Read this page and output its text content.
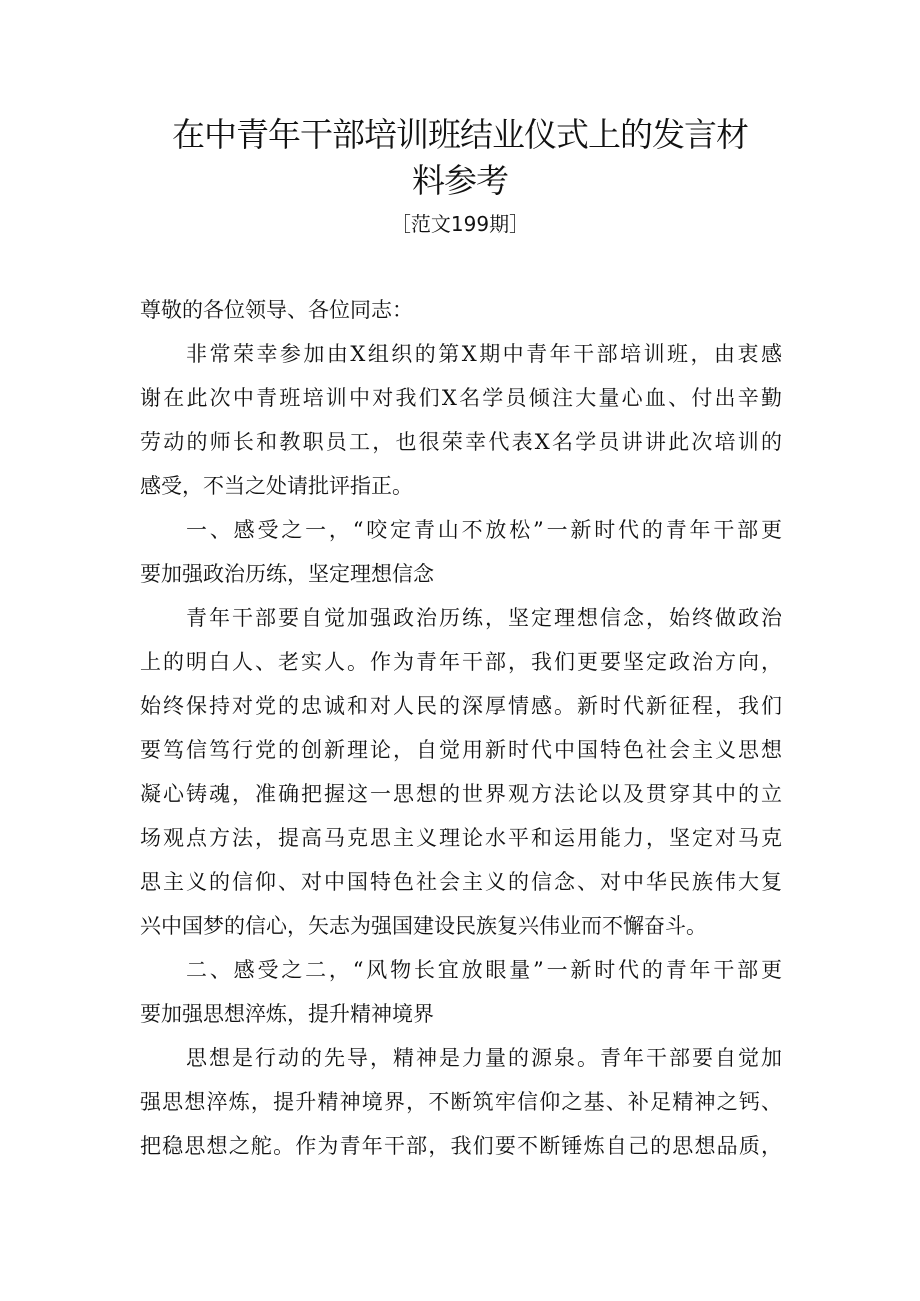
在中青年干部培训班结业仪式上的发言材
料参考
［范文199期］

尊敬的各位领导、各位同志：

非常荣幸参加由X组织的第X期中青年干部培训班，由衷感

谢在此次中青班培训中对我们X名学员倾注大量心血、付出辛勤

劳动的师长和教职员工，也很荣幸代表X名学员讲讲此次培训的

感受，不当之处请批评指正。

一、感受之一，“咬定青山不放松”一新时代的青年干部更

要加强政治历练，坚定理想信念

青年干部要自觉加强政治历练，坚定理想信念，始终做政治

上的明白人、老实人。作为青年干部，我们更要坚定政治方向，

始终保持对党的忠诚和对人民的深厚情感。新时代新征程，我们

要笃信笃行党的创新理论，自觉用新时代中国特色社会主义思想

凝心铸魂，准确把握这一思想的世界观方法论以及贯穿其中的立

场观点方法，提高马克思主义理论水平和运用能力，坚定对马克

思主义的信仰、对中国特色社会主义的信念、对中华民族伟大复

兴中国梦的信心，矢志为强国建设民族复兴伟业而不懈奋斗。

二、感受之二，“风物长宜放眼量”一新时代的青年干部更

要加强思想淬炼，提升精神境界

思想是行动的先导，精神是力量的源泉。青年干部要自觉加

强思想淬炼，提升精神境界，不断筑牢信仰之基、补足精神之钙、

把稳思想之舵。作为青年干部，我们要不断锤炼自己的思想品质，
